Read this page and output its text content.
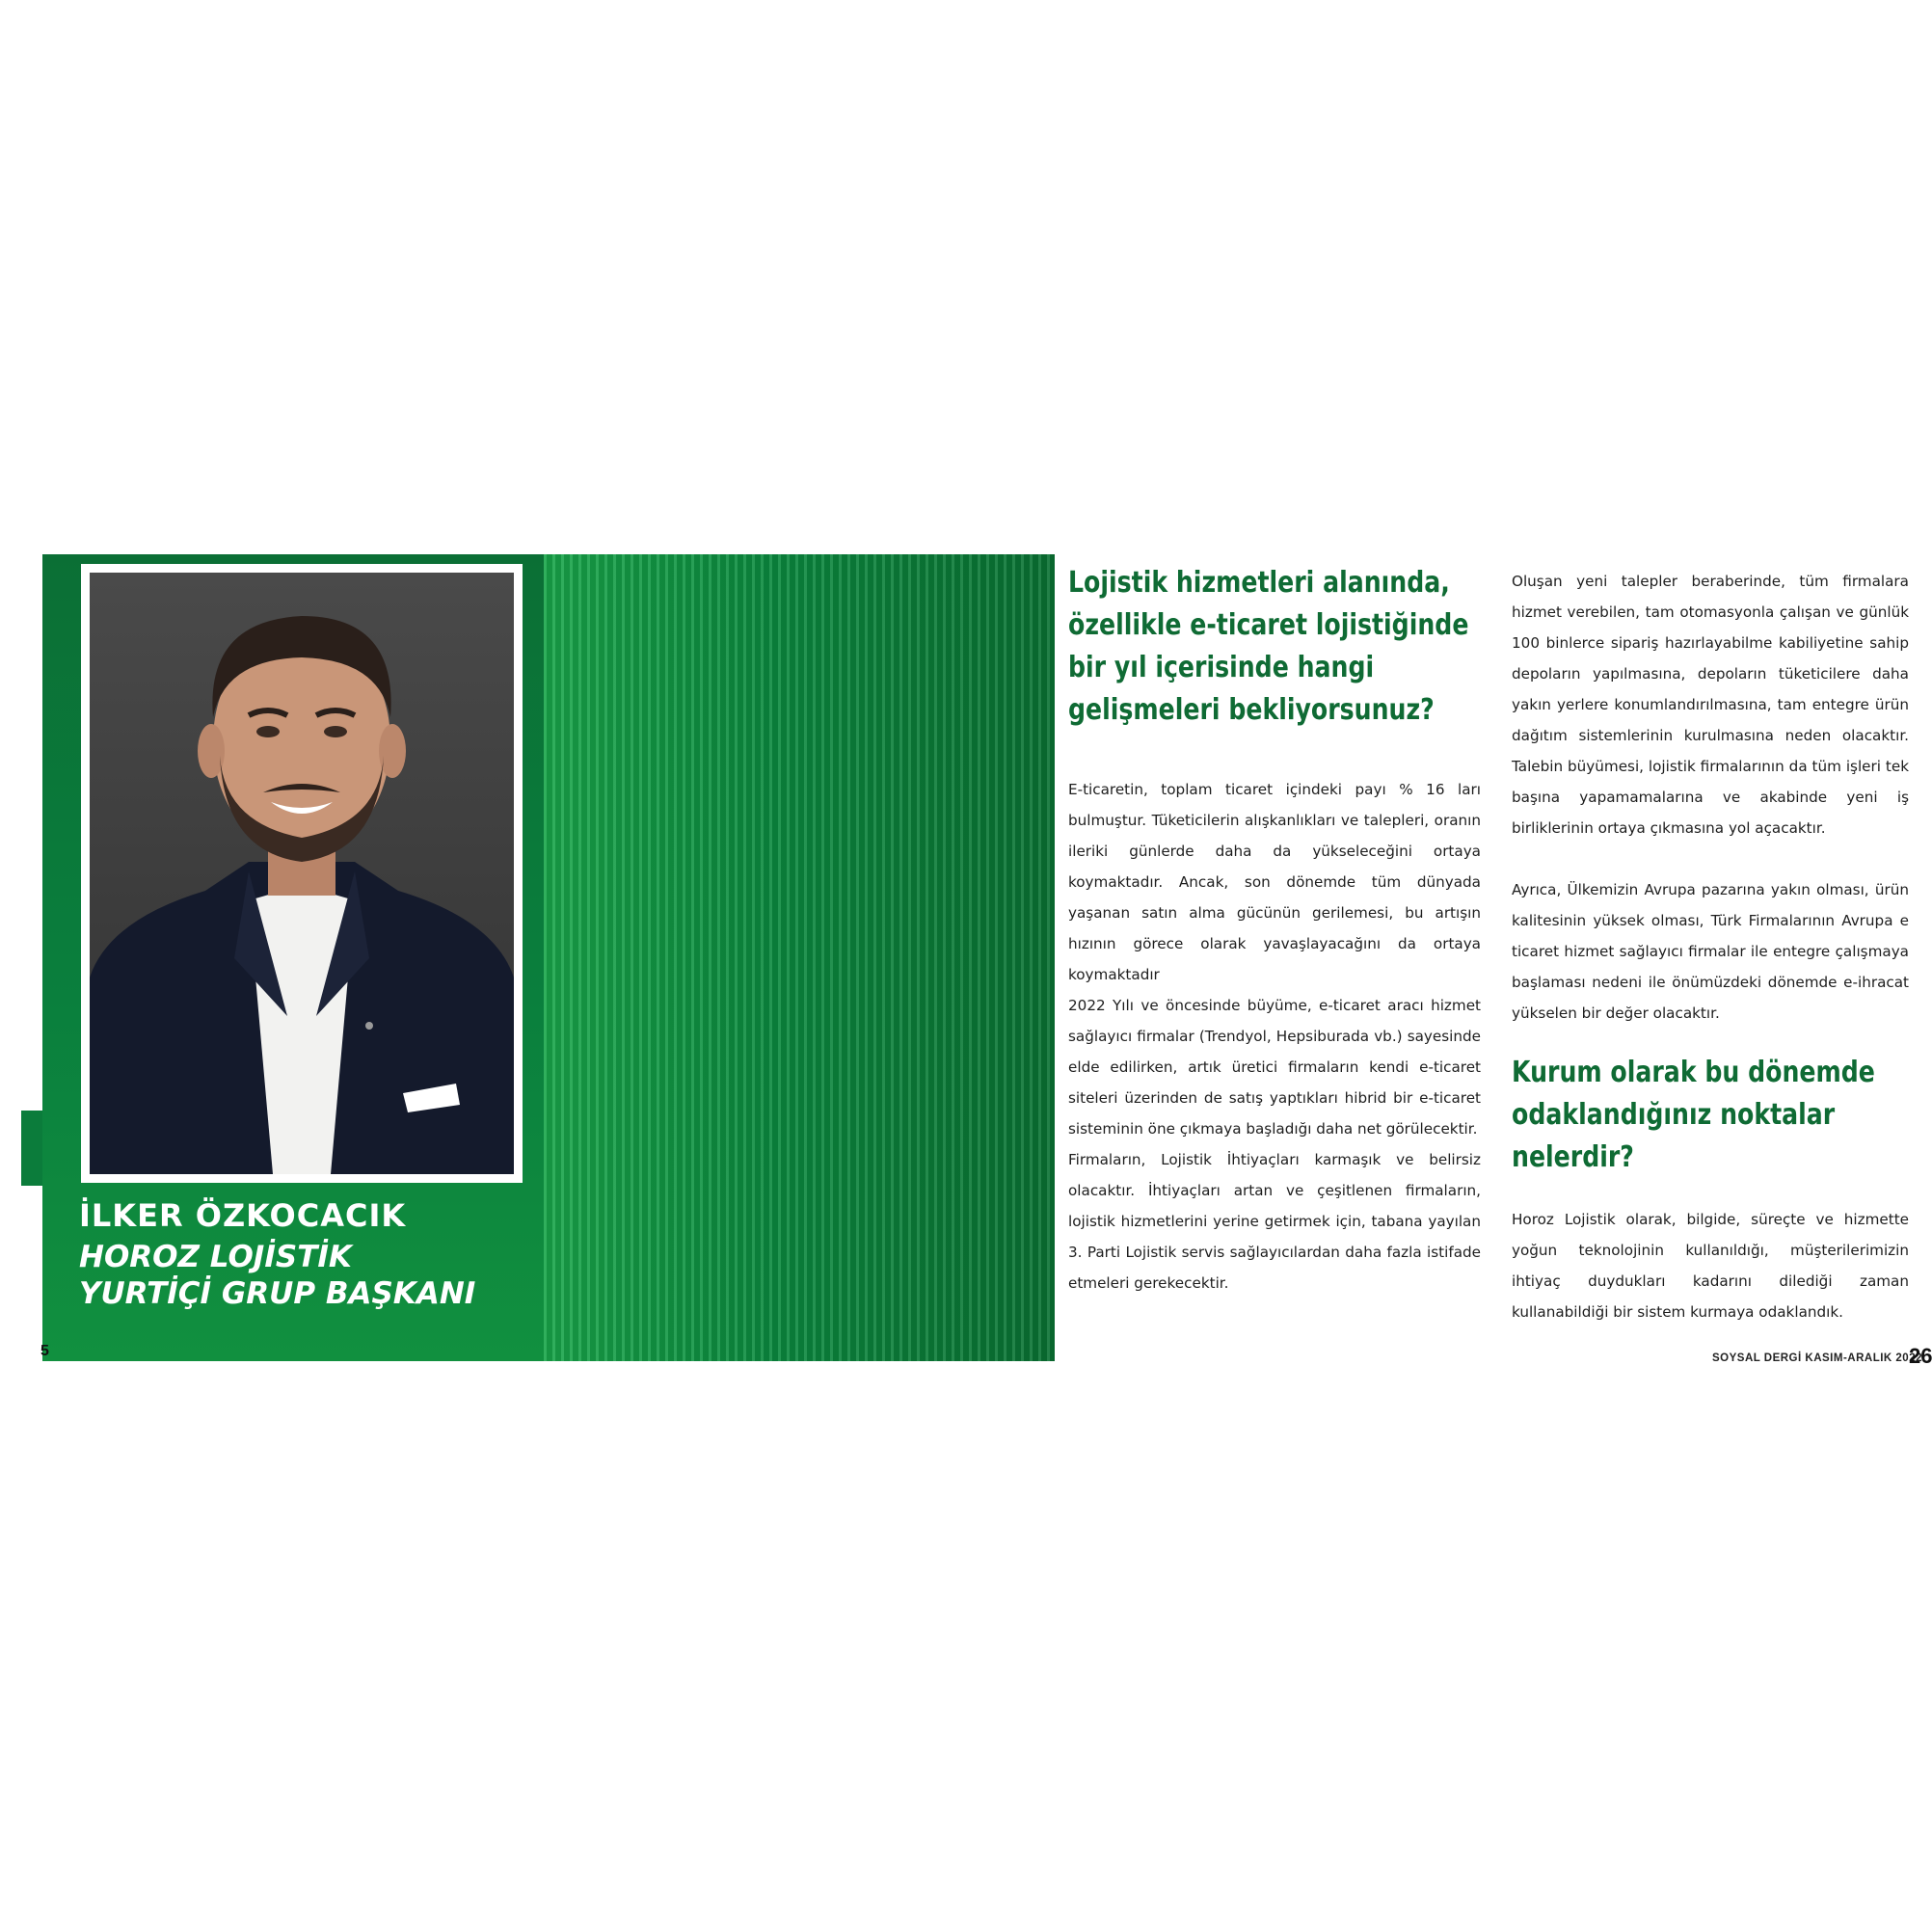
İLKER ÖZKOCACIK
HOROZ LOJİSTİK
YURTİÇİ GRUP BAŞKANI
5
Lojistik hizmetleri alanında,
özellikle e-ticaret lojistiğinde
bir yıl içerisinde hangi
gelişmeleri bekliyorsunuz?

E-ticaretin, toplam ticaret içindeki payı % 16 ları bulmuştur. Tüketicilerin alışkanlıkları ve talepleri, oranın ileriki günlerde daha da yükseleceğini ortaya koymaktadır. Ancak, son dönemde tüm dünyada yaşanan satın alma gücünün gerilemesi, bu artışın hızının görece olarak yavaşlayacağını da ortaya koymaktadır

2022 Yılı ve öncesinde büyüme, e-ticaret aracı hizmet sağlayıcı firmalar (Trendyol, Hepsiburada vb.) sayesinde elde edilirken, artık üretici firmaların kendi e-ticaret siteleri üzerinden de satış yaptıkları hibrid bir e-ticaret sisteminin öne çıkmaya başladığı daha net görülecektir.

Firmaların, Lojistik İhtiyaçları karmaşık ve belirsiz olacaktır. İhtiyaçları artan ve çeşitlenen firmaların, lojistik hizmetlerini yerine getirmek için, tabana yayılan 3. Parti Lojistik servis sağlayıcılardan daha fazla istifade etmeleri gerekecektir.

Oluşan yeni talepler beraberinde, tüm firmalara hizmet verebilen, tam otomasyonla çalışan ve günlük 100 binlerce sipariş hazırlayabilme kabiliyetine sahip depoların yapılmasına, depoların tüketicilere daha yakın yerlere konumlandırılmasına, tam entegre ürün dağıtım sistemlerinin kurulmasına neden olacaktır. Talebin büyümesi, lojistik firmalarının da tüm işleri tek başına yapamamalarına ve akabinde yeni iş birliklerinin ortaya çıkmasına yol açacaktır.

Ayrıca, Ülkemizin Avrupa pazarına yakın olması, ürün kalitesinin yüksek olması, Türk Firmalarının Avrupa e ticaret hizmet sağlayıcı firmalar ile entegre çalışmaya başlaması nedeni ile önümüzdeki dönemde e-ihracat yükselen bir değer olacaktır.

Kurum olarak bu dönemde
odaklandığınız noktalar nelerdir?

Horoz Lojistik olarak, bilgide, süreçte ve hizmette yoğun teknolojinin kullanıldığı, müşterilerimizin ihtiyaç duydukları kadarını dilediği zaman kullanabildiği bir sistem kurmaya odaklandık.

SOYSAL DERGİ KASIM-ARALIK 2022
26
